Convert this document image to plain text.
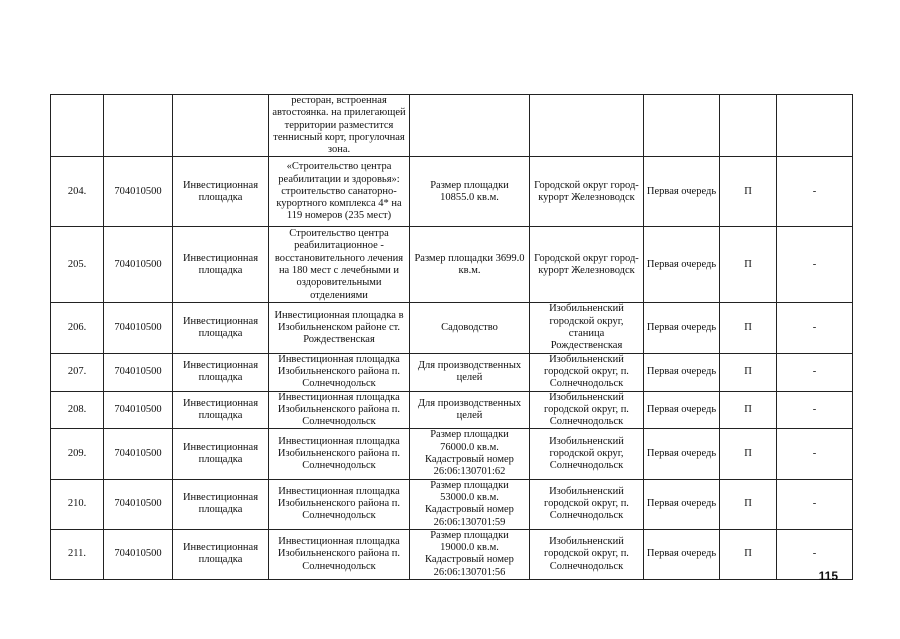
			ресторан, встроенная автостоянка. на прилегающей территории разместится теннисный корт, прогулочная зона.					
204.	704010500	Инвестиционная площадка	«Строительство центра реабилитации и здоровья»: строительство санаторно-курортного комплекса 4* на 119 номеров (235 мест)	Размер площадки 10855.0 кв.м.	Городской округ город-курорт Железноводск	Первая очередь	П	-
205.	704010500	Инвестиционная площадка	Строительство центра реабилитационное - восстановительного лечения на 180 мест с лечебными и оздоровительными отделениями	Размер площадки 3699.0 кв.м.	Городской округ город-курорт Железноводск	Первая очередь	П	-
206.	704010500	Инвестиционная площадка	Инвестиционная площадка в Изобильненском районе ст. Рождественская	Садоводство	Изобильненский городской округ, станица Рождественская	Первая очередь	П	-
207.	704010500	Инвестиционная площадка	Инвестиционная площадка Изобильненского района п. Солнечнодольск	Для производственных целей	Изобильненский городской округ, п. Солнечнодольск	Первая очередь	П	-
208.	704010500	Инвестиционная площадка	Инвестиционная площадка Изобильненского района п. Солнечнодольск	Для производственных целей	Изобильненский городской округ, п. Солнечнодольск	Первая очередь	П	-
209.	704010500	Инвестиционная площадка	Инвестиционная площадка Изобильненского района п. Солнечнодольск	Размер площадки 76000.0 кв.м. Кадастровый номер 26:06:130701:62	Изобильненский городской округ, Солнечнодольск	Первая очередь	П	-
210.	704010500	Инвестиционная площадка	Инвестиционная площадка Изобильненского района п. Солнечнодольск	Размер площадки 53000.0 кв.м. Кадастровый номер 26:06:130701:59	Изобильненский городской округ, п. Солнечнодольск	Первая очередь	П	-
211.	704010500	Инвестиционная площадка	Инвестиционная площадка Изобильненского района п. Солнечнодольск	Размер площадки 19000.0 кв.м. Кадастровый номер 26:06:130701:56	Изобильненский городской округ, п. Солнечнодольск	Первая очередь	П	-
115
